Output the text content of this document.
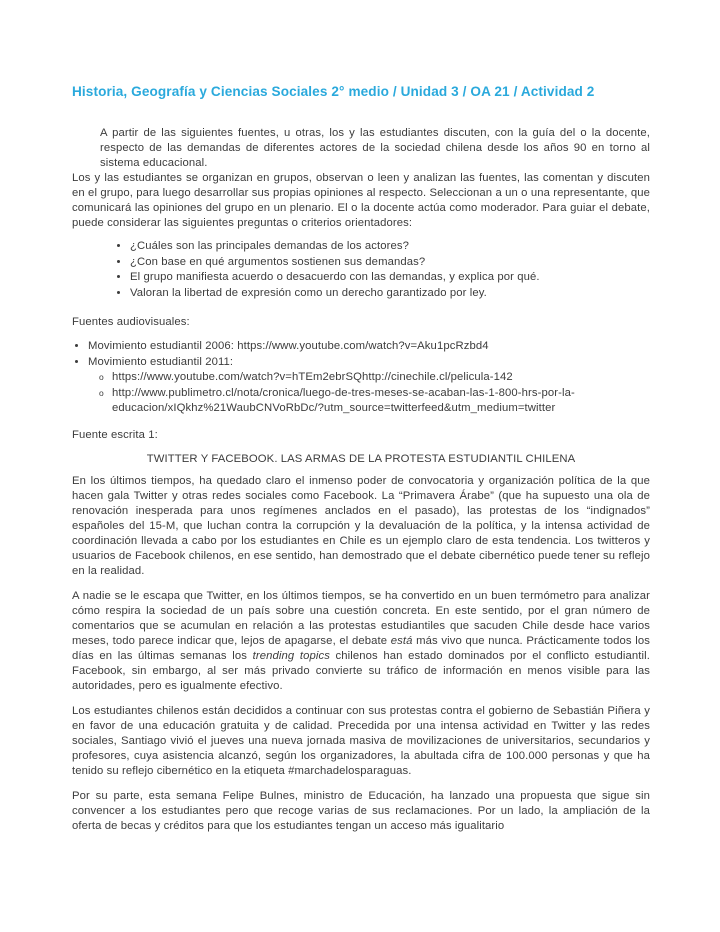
Historia, Geografía y Ciencias Sociales 2° medio / Unidad 3 / OA 21 / Actividad 2

A partir de las siguientes fuentes, u otras, los y las estudiantes discuten, con la guía del o la docente, respecto de las demandas de diferentes actores de la sociedad chilena desde los años 90 en torno al sistema educacional.

Los y las estudiantes se organizan en grupos, observan o leen y analizan las fuentes, las comentan y discuten en el grupo, para luego desarrollar sus propias opiniones al respecto. Seleccionan a un o una representante, que comunicará las opiniones del grupo en un plenario. El o la docente actúa como moderador. Para guiar el debate, puede considerar las siguientes preguntas o criterios orientadores:

• ¿Cuáles son las principales demandas de los actores?
• ¿Con base en qué argumentos sostienen sus demandas?
• El grupo manifiesta acuerdo o desacuerdo con las demandas, y explica por qué.
• Valoran la libertad de expresión como un derecho garantizado por ley.

Fuentes audiovisuales:

• Movimiento estudiantil 2006: https://www.youtube.com/watch?v=Aku1pcRzbd4
• Movimiento estudiantil 2011:
o https://www.youtube.com/watch?v=hTEm2ebrSQhttp://cinechile.cl/pelicula-142
o http://www.publimetro.cl/nota/cronica/luego-de-tres-meses-se-acaban-las-1-800-hrs-por-la-educacion/xIQkhz%21WaubCNVoRbDc/?utm_source=twitterfeed&utm_medium=twitter

Fuente escrita 1:

TWITTER Y FACEBOOK. LAS ARMAS DE LA PROTESTA ESTUDIANTIL CHILENA

En los últimos tiempos, ha quedado claro el inmenso poder de convocatoria y organización política de la que hacen gala Twitter y otras redes sociales como Facebook. La “Primavera Árabe” (que ha supuesto una ola de renovación inesperada para unos regímenes anclados en el pasado), las protestas de los “indignados” españoles del 15-M, que luchan contra la corrupción y la devaluación de la política, y la intensa actividad de coordinación llevada a cabo por los estudiantes en Chile es un ejemplo claro de esta tendencia. Los twitteros y usuarios de Facebook chilenos, en ese sentido, han demostrado que el debate cibernético puede tener su reflejo en la realidad.

A nadie se le escapa que Twitter, en los últimos tiempos, se ha convertido en un buen termómetro para analizar cómo respira la sociedad de un país sobre una cuestión concreta. En este sentido, por el gran número de comentarios que se acumulan en relación a las protestas estudiantiles que sacuden Chile desde hace varios meses, todo parece indicar que, lejos de apagarse, el debate está más vivo que nunca. Prácticamente todos los días en las últimas semanas los trending topics chilenos han estado dominados por el conflicto estudiantil. Facebook, sin embargo, al ser más privado convierte su tráfico de información en menos visible para las autoridades, pero es igualmente efectivo.

Los estudiantes chilenos están decididos a continuar con sus protestas contra el gobierno de Sebastián Piñera y en favor de una educación gratuita y de calidad. Precedida por una intensa actividad en Twitter y las redes sociales, Santiago vivió el jueves una nueva jornada masiva de movilizaciones de universitarios, secundarios y profesores, cuya asistencia alcanzó, según los organizadores, la abultada cifra de 100.000 personas y que ha tenido su reflejo cibernético en la etiqueta #marchadelosparaguas.

Por su parte, esta semana Felipe Bulnes, ministro de Educación, ha lanzado una propuesta que sigue sin convencer a los estudiantes pero que recoge varias de sus reclamaciones. Por un lado, la ampliación de la oferta de becas y créditos para que los estudiantes tengan un acceso más igualitario
